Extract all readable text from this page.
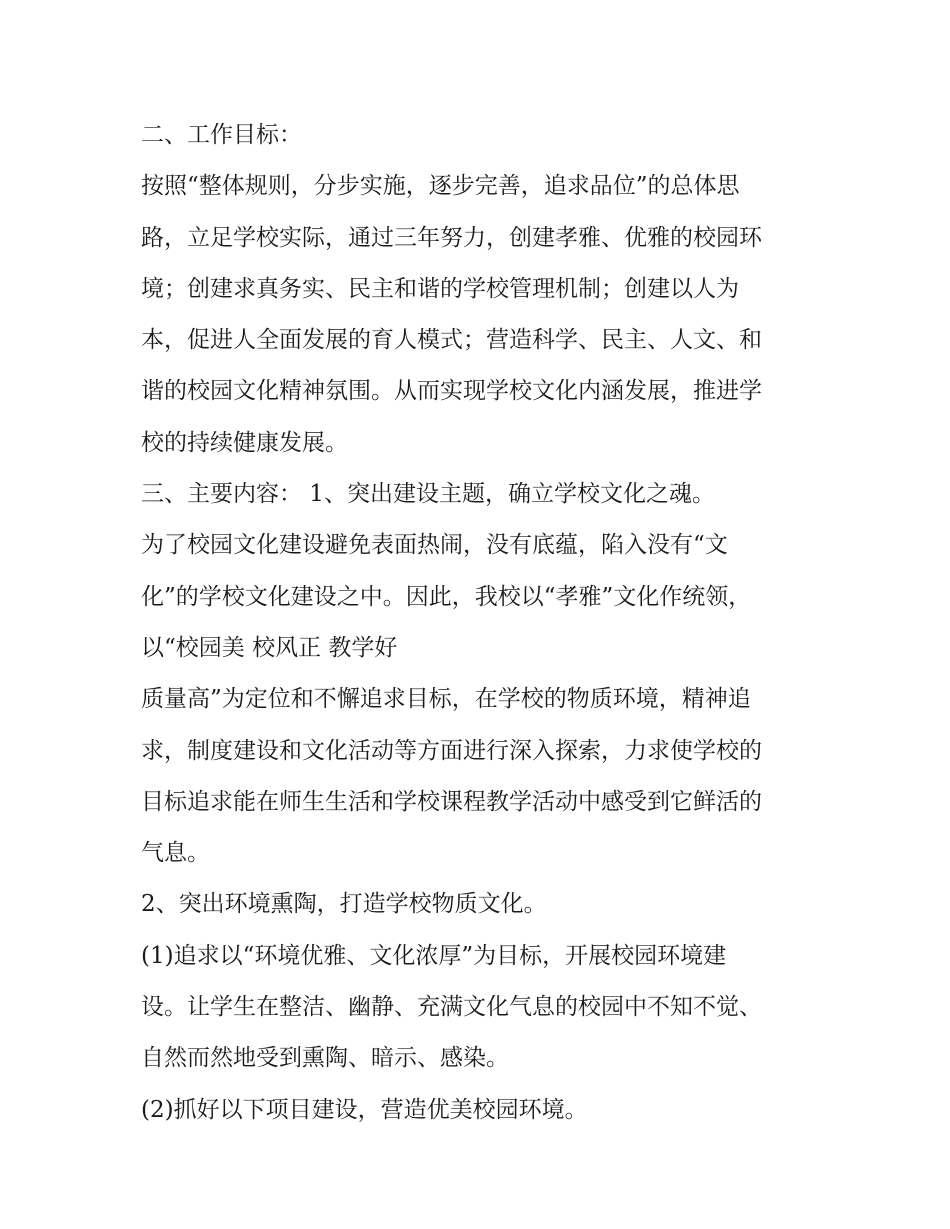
二、工作目标：
按照“整体规则，分步实施，逐步完善，追求品位”的总体思
路，立足学校实际，通过三年努力，创建孝雅、优雅的校园环
境；创建求真务实、民主和谐的学校管理机制；创建以人为
本，促进人全面发展的育人模式；营造科学、民主、人文、和
谐的校园文化精神氛围。从而实现学校文化内涵发展，推进学
校的持续健康发展。
三、主要内容： 1、突出建设主题，确立学校文化之魂。
为了校园文化建设避免表面热闹，没有底蕴，陷入没有“文
化”的学校文化建设之中。因此，我校以“孝雅”文化作统领，
以“校园美 校风正 教学好
质量高”为定位和不懈追求目标，在学校的物质环境，精神追
求，制度建设和文化活动等方面进行深入探索，力求使学校的
目标追求能在师生生活和学校课程教学活动中感受到它鲜活的
气息。
2、突出环境熏陶，打造学校物质文化。
(1)追求以“环境优雅、文化浓厚”为目标，开展校园环境建
设。让学生在整洁、幽静、充满文化气息的校园中不知不觉、
自然而然地受到熏陶、暗示、感染。
(2)抓好以下项目建设，营造优美校园环境。
